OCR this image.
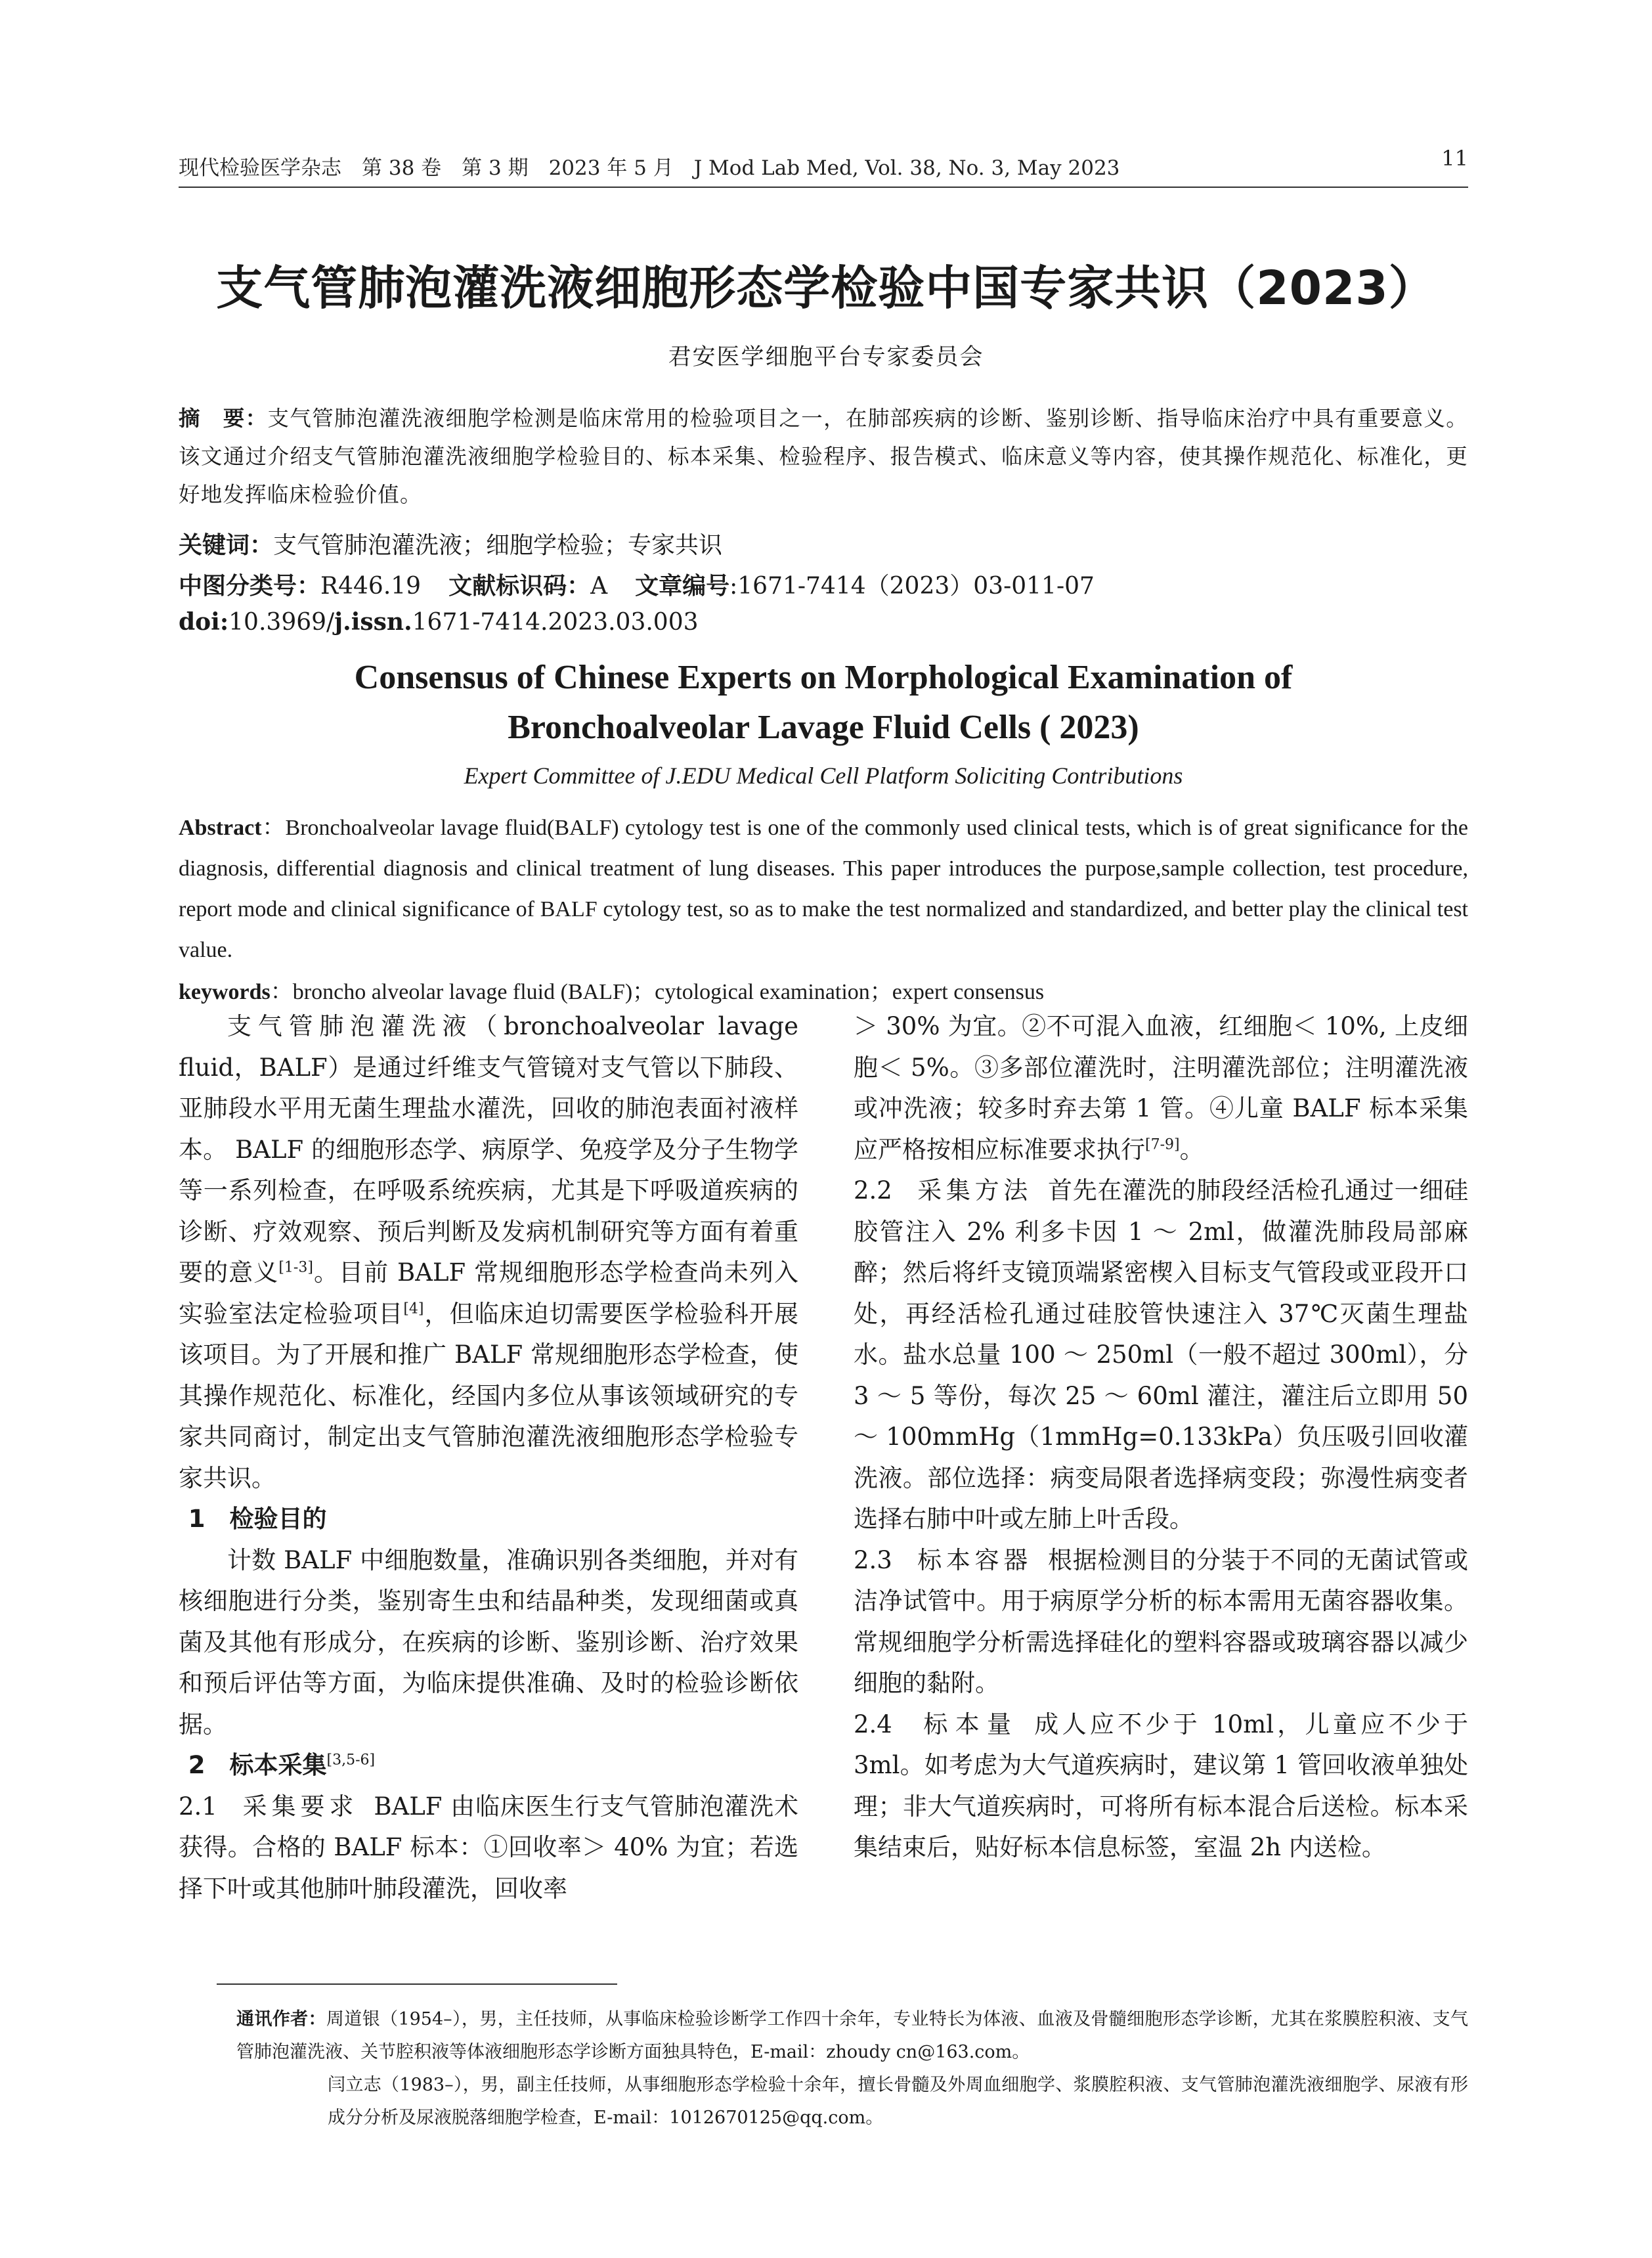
现代检验医学杂志　第 38 卷　第 3 期　2023 年 5 月　J Mod Lab Med, Vol. 38, No. 3, May 2023	11
支气管肺泡灌洗液细胞形态学检验中国专家共识（2023）
君安医学细胞平台专家委员会
摘　要：支气管肺泡灌洗液细胞学检测是临床常用的检验项目之一，在肺部疾病的诊断、鉴别诊断、指导临床治疗中具有重要意义。该文通过介绍支气管肺泡灌洗液细胞学检验目的、标本采集、检验程序、报告模式、临床意义等内容，使其操作规范化、标准化，更好地发挥临床检验价值。
关键词：支气管肺泡灌洗液；细胞学检验；专家共识
中图分类号：R446.19 文献标识码：A 文章编号:1671-7414（2023）03-011-07
doi:10.3969/j.issn.1671-7414.2023.03.003
Consensus of Chinese Experts on Morphological Examination of
Bronchoalveolar Lavage Fluid Cells ( 2023)
Expert Committee of J.EDU Medical Cell Platform Soliciting Contributions
Abstract：Bronchoalveolar lavage fluid(BALF) cytology test is one of the commonly used clinical tests, which is of great significance for the diagnosis, differential diagnosis and clinical treatment of lung diseases. This paper introduces the purpose,sample collection, test procedure, report mode and clinical significance of BALF cytology test, so as to make the test normalized and standardized, and better play the clinical test value.
keywords：broncho alveolar lavage fluid (BALF)；cytological examination；expert consensus

支气管肺泡灌洗液（bronchoalveolar lavage fluid，BALF）是通过纤维支气管镜对支气管以下肺段、亚肺段水平用无菌生理盐水灌洗，回收的肺泡表面衬液样本。 BALF 的细胞形态学、病原学、免疫学及分子生物学等一系列检查，在呼吸系统疾病，尤其是下呼吸道疾病的诊断、疗效观察、预后判断及发病机制研究等方面有着重要的意义[1-3]。目前 BALF 常规细胞形态学检查尚未列入实验室法定检验项目[4]，但临床迫切需要医学检验科开展该项目。为了开展和推广 BALF 常规细胞形态学检查，使其操作规范化、标准化，经国内多位从事该领域研究的专家共同商讨，制定出支气管肺泡灌洗液细胞形态学检验专家共识。

1　检验目的

计数 BALF 中细胞数量，准确识别各类细胞，并对有核细胞进行分类，鉴别寄生虫和结晶种类，发现细菌或真菌及其他有形成分，在疾病的诊断、鉴别诊断、治疗效果和预后评估等方面，为临床提供准确、及时的检验诊断依据。

2　标本采集[3,5-6]

2.1　 采集要求 BALF 由临床医生行支气管肺泡灌洗术获得。合格的 BALF 标本：①回收率＞ 40% 为宜；若选择下叶或其他肺叶肺段灌洗，回收率

＞ 30% 为宜。②不可混入血液，红细胞＜ 10%, 上皮细胞＜ 5%。③多部位灌洗时，注明灌洗部位；注明灌洗液或冲洗液；较多时弃去第 1 管。④儿童 BALF 标本采集应严格按相应标准要求执行[7-9]。

2.2　 采集方法 首先在灌洗的肺段经活检孔通过一细硅胶管注入 2% 利多卡因 1 ～ 2ml，做灌洗肺段局部麻醉；然后将纤支镜顶端紧密楔入目标支气管段或亚段开口处，再经活检孔通过硅胶管快速注入 37℃灭菌生理盐水。盐水总量 100 ～ 250ml（一般不超过 300ml），分 3 ～ 5 等份，每次 25 ～ 60ml 灌注，灌注后立即用 50 ～ 100mmHg（1mmHg=0.133kPa）负压吸引回收灌洗液。部位选择：病变局限者选择病变段；弥漫性病变者选择右肺中叶或左肺上叶舌段。

2.3　 标本容器 根据检测目的分装于不同的无菌试管或洁净试管中。用于病原学分析的标本需用无菌容器收集。常规细胞学分析需选择硅化的塑料容器或玻璃容器以减少细胞的黏附。

2.4　 标本量 成人应不少于 10ml，儿童应不少于 3ml。如考虑为大气道疾病时，建议第 1 管回收液单独处理；非大气道疾病时，可将所有标本混合后送检。标本采集结束后，贴好标本信息标签，室温 2h 内送检。

通讯作者：周道银（1954–），男，主任技师，从事临床检验诊断学工作四十余年，专业特长为体液、血液及骨髓细胞形态学诊断，尤其在浆膜腔积液、支气管肺泡灌洗液、关节腔积液等体液细胞形态学诊断方面独具特色，E-mail：zhoudy cn@163.com。

闫立志（1983–），男，副主任技师，从事细胞形态学检验十余年，擅长骨髓及外周血细胞学、浆膜腔积液、支气管肺泡灌洗液细胞学、尿液有形成分分析及尿液脱落细胞学检查，E-mail：1012670125@qq.com。
